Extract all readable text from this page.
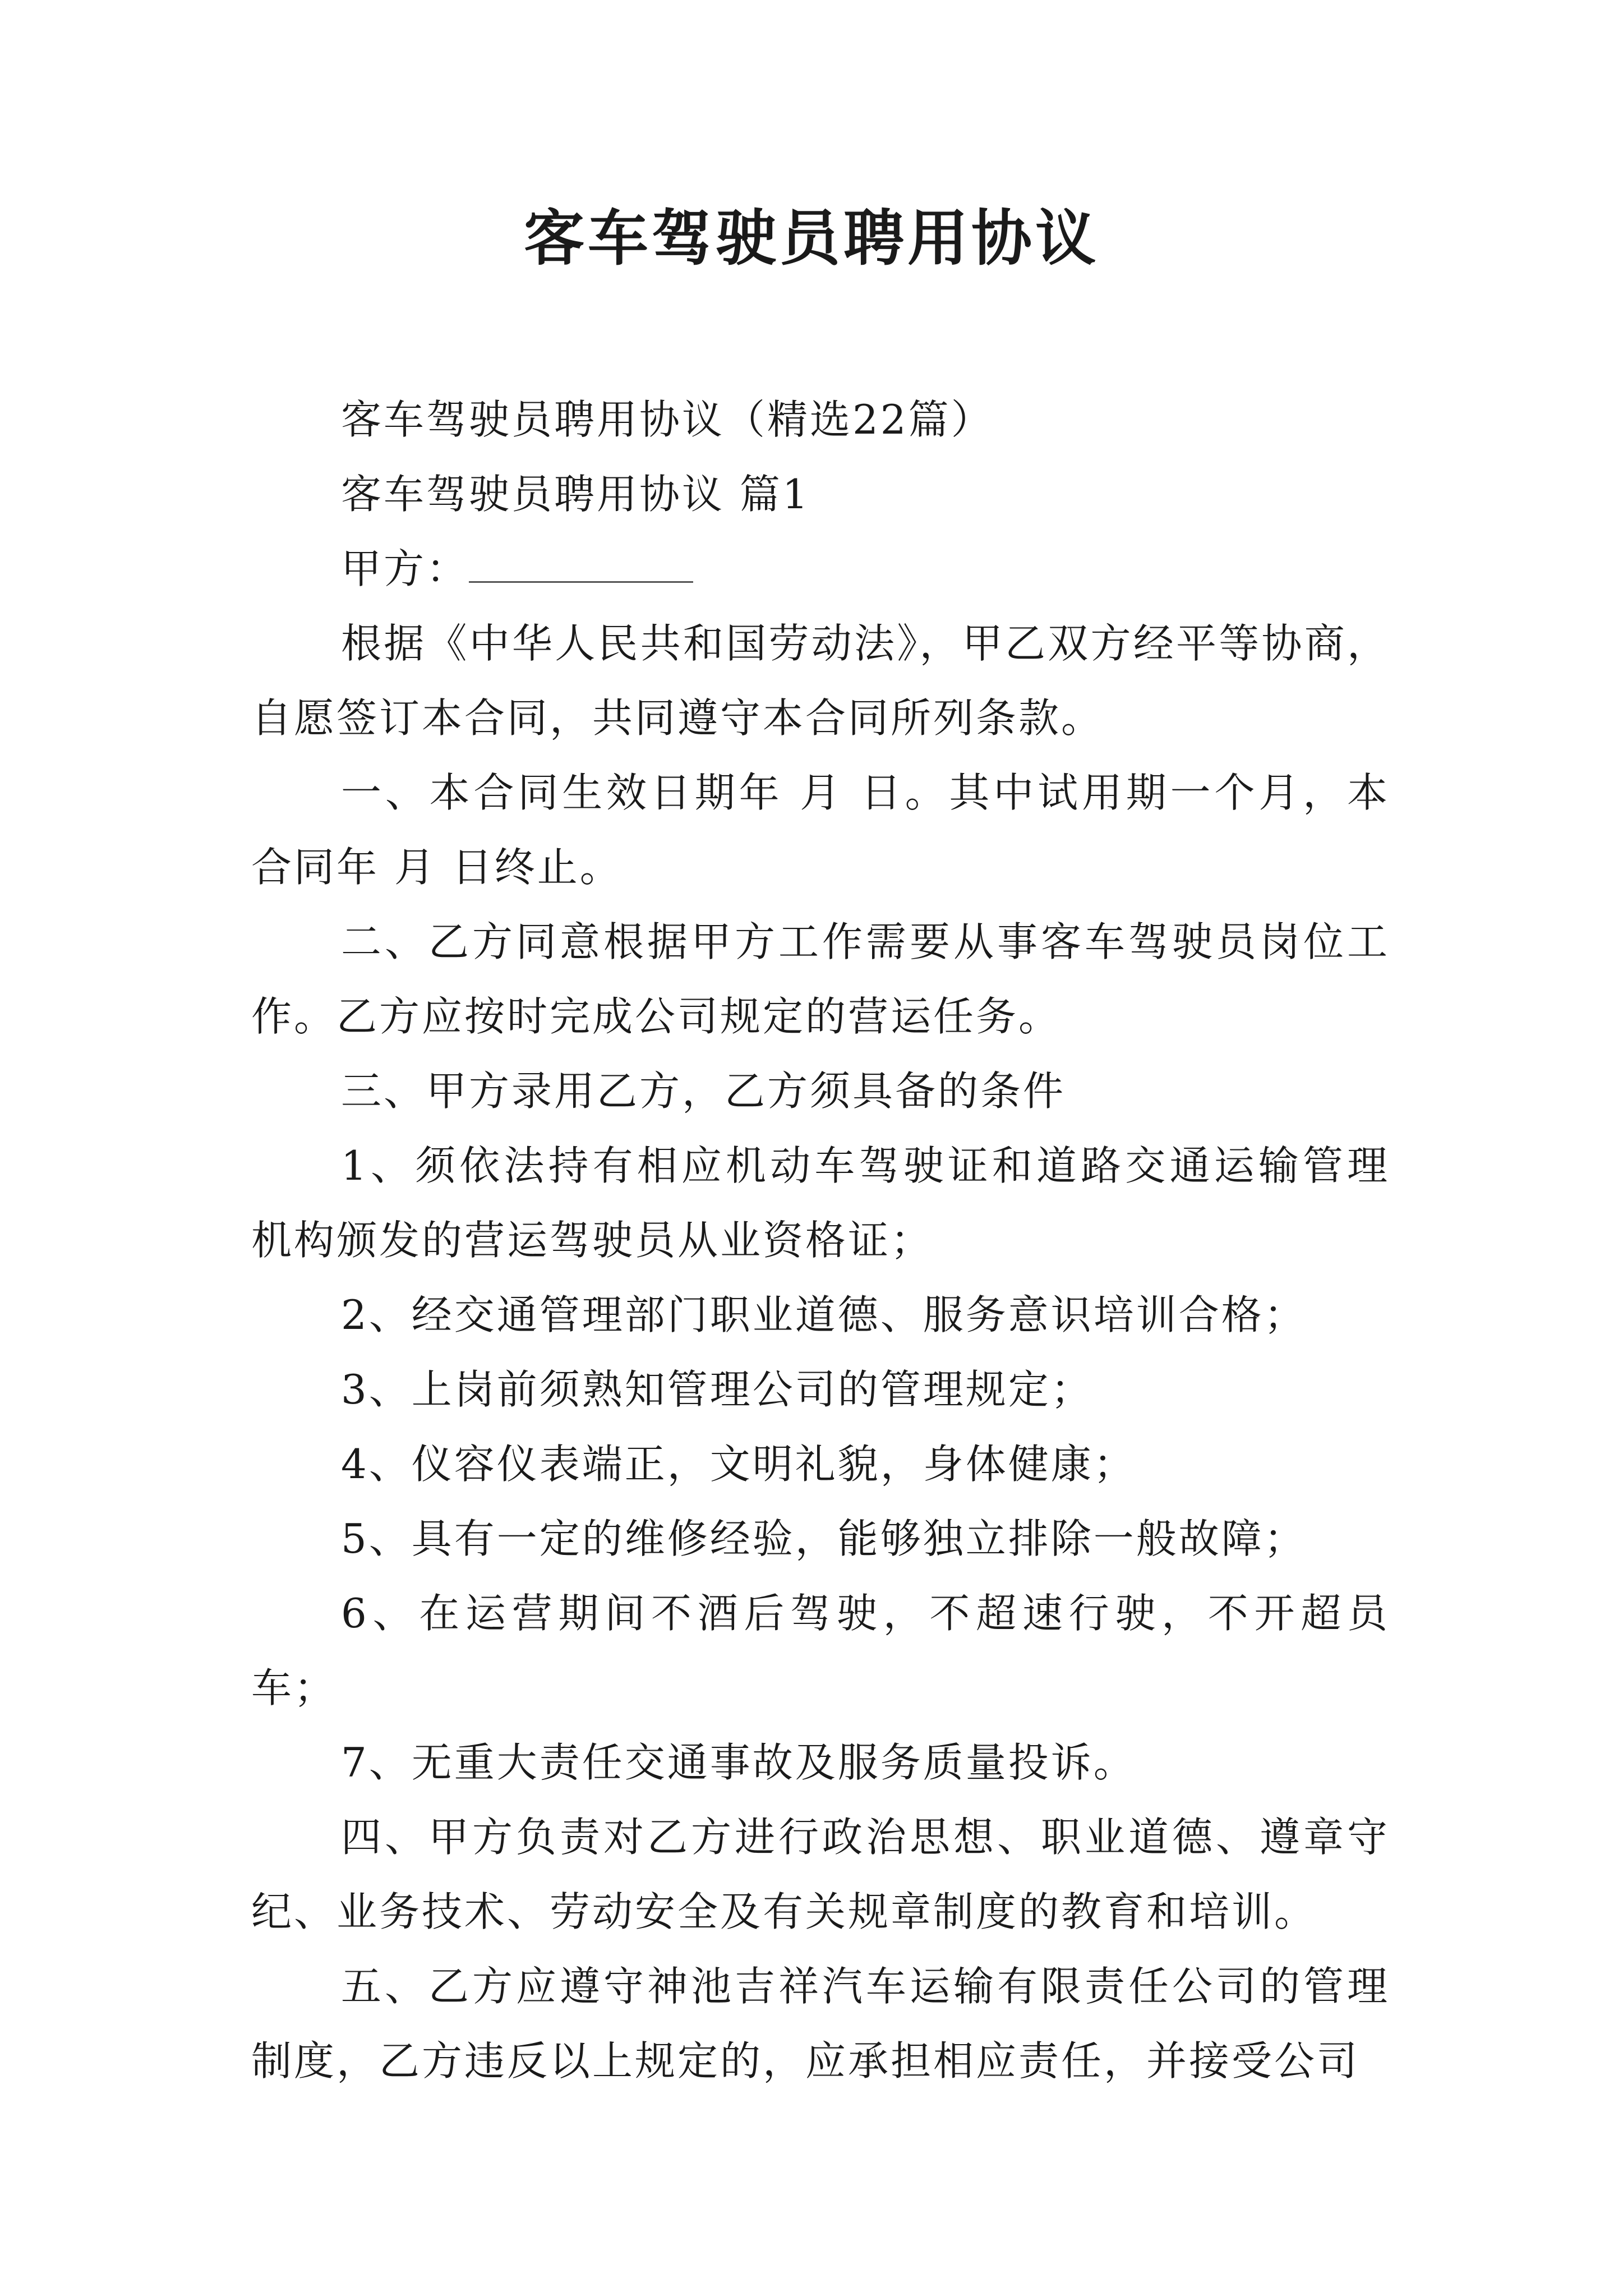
客车驾驶员聘用协议

客车驾驶员聘用协议（精选22篇）

客车驾驶员聘用协议 篇1

甲方：

根据《中华人民共和国劳动法》，甲乙双方经平等协商，自愿签订本合同，共同遵守本合同所列条款。

一、本合同生效日期年 月 日。其中试用期一个月，本合同年 月 日终止。

二、乙方同意根据甲方工作需要从事客车驾驶员岗位工作。乙方应按时完成公司规定的营运任务。

三、甲方录用乙方，乙方须具备的条件

1、须依法持有相应机动车驾驶证和道路交通运输管理机构颁发的营运驾驶员从业资格证；

2、经交通管理部门职业道德、服务意识培训合格；

3、上岗前须熟知管理公司的管理规定；

4、仪容仪表端正，文明礼貌，身体健康；

5、具有一定的维修经验，能够独立排除一般故障；

6、在运营期间不酒后驾驶，不超速行驶，不开超员车；

7、无重大责任交通事故及服务质量投诉。

四、甲方负责对乙方进行政治思想、职业道德、遵章守纪、业务技术、劳动安全及有关规章制度的教育和培训。

五、乙方应遵守神池吉祥汽车运输有限责任公司的管理制度，乙方违反以上规定的，应承担相应责任，并接受公司
